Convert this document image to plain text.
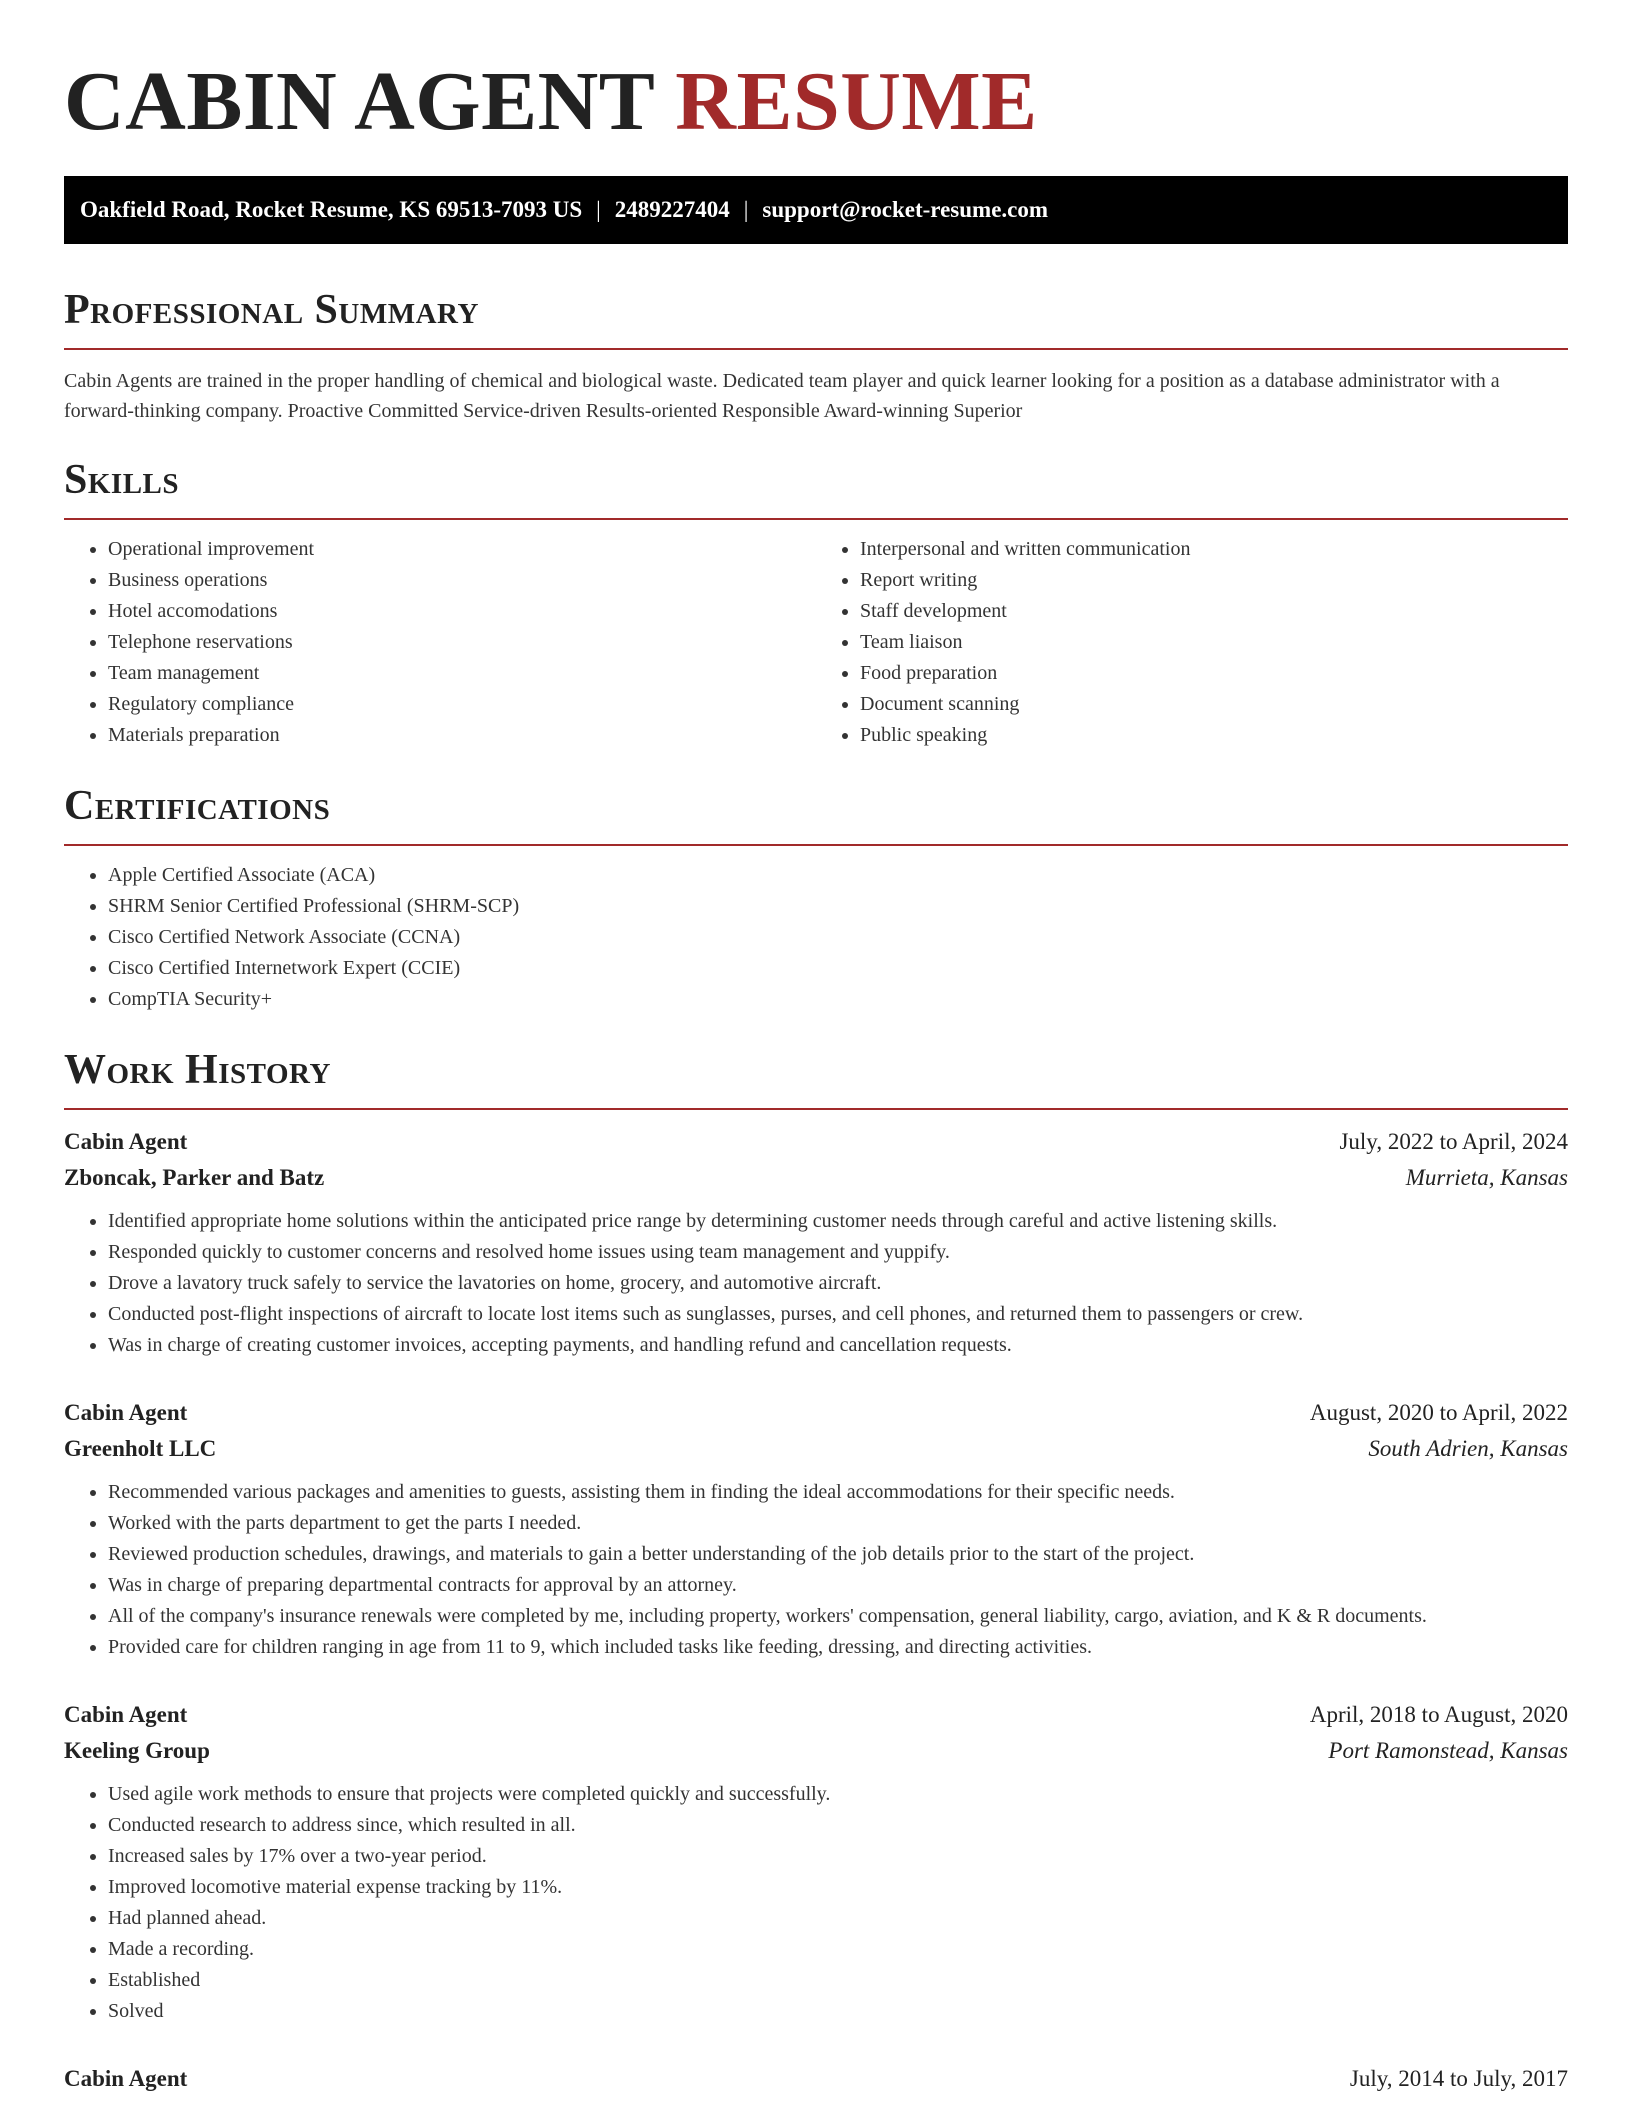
CABIN AGENT RESUME
Oakfield Road, Rocket Resume, KS 69513-7093 US | 2489227404 | support@rocket-resume.com
Professional Summary

Cabin Agents are trained in the proper handling of chemical and biological waste. Dedicated team player and quick learner looking for a position as a database administrator with a forward-thinking company. Proactive Committed Service-driven Results-oriented Responsible Award-winning Superior

Skills
• Operational improvement
• Business operations
• Hotel accomodations
• Telephone reservations
• Team management
• Regulatory compliance
• Materials preparation
• Interpersonal and written communication
• Report writing
• Staff development
• Team liaison
• Food preparation
• Document scanning
• Public speaking
Certifications
• Apple Certified Associate (ACA)
• SHRM Senior Certified Professional (SHRM-SCP)
• Cisco Certified Network Associate (CCNA)
• Cisco Certified Internetwork Expert (CCIE)
• CompTIA Security+
Work History
Cabin Agent	July, 2022 to April, 2024
Zboncak, Parker and Batz	Murrieta, Kansas
• Identified appropriate home solutions within the anticipated price range by determining customer needs through careful and active listening skills.
• Responded quickly to customer concerns and resolved home issues using team management and yuppify.
• Drove a lavatory truck safely to service the lavatories on home, grocery, and automotive aircraft.
• Conducted post-flight inspections of aircraft to locate lost items such as sunglasses, purses, and cell phones, and returned them to passengers or crew.
• Was in charge of creating customer invoices, accepting payments, and handling refund and cancellation requests.
Cabin Agent	August, 2020 to April, 2022
Greenholt LLC	South Adrien, Kansas
• Recommended various packages and amenities to guests, assisting them in finding the ideal accommodations for their specific needs.
• Worked with the parts department to get the parts I needed.
• Reviewed production schedules, drawings, and materials to gain a better understanding of the job details prior to the start of the project.
• Was in charge of preparing departmental contracts for approval by an attorney.
• All of the company's insurance renewals were completed by me, including property, workers' compensation, general liability, cargo, aviation, and K & R documents.
• Provided care for children ranging in age from 11 to 9, which included tasks like feeding, dressing, and directing activities.
Cabin Agent	April, 2018 to August, 2020
Keeling Group	Port Ramonstead, Kansas
• Used agile work methods to ensure that projects were completed quickly and successfully.
• Conducted research to address since, which resulted in all.
• Increased sales by 17% over a two-year period.
• Improved locomotive material expense tracking by 11%.
• Had planned ahead.
• Made a recording.
• Established
• Solved
Cabin Agent	July, 2014 to July, 2017
